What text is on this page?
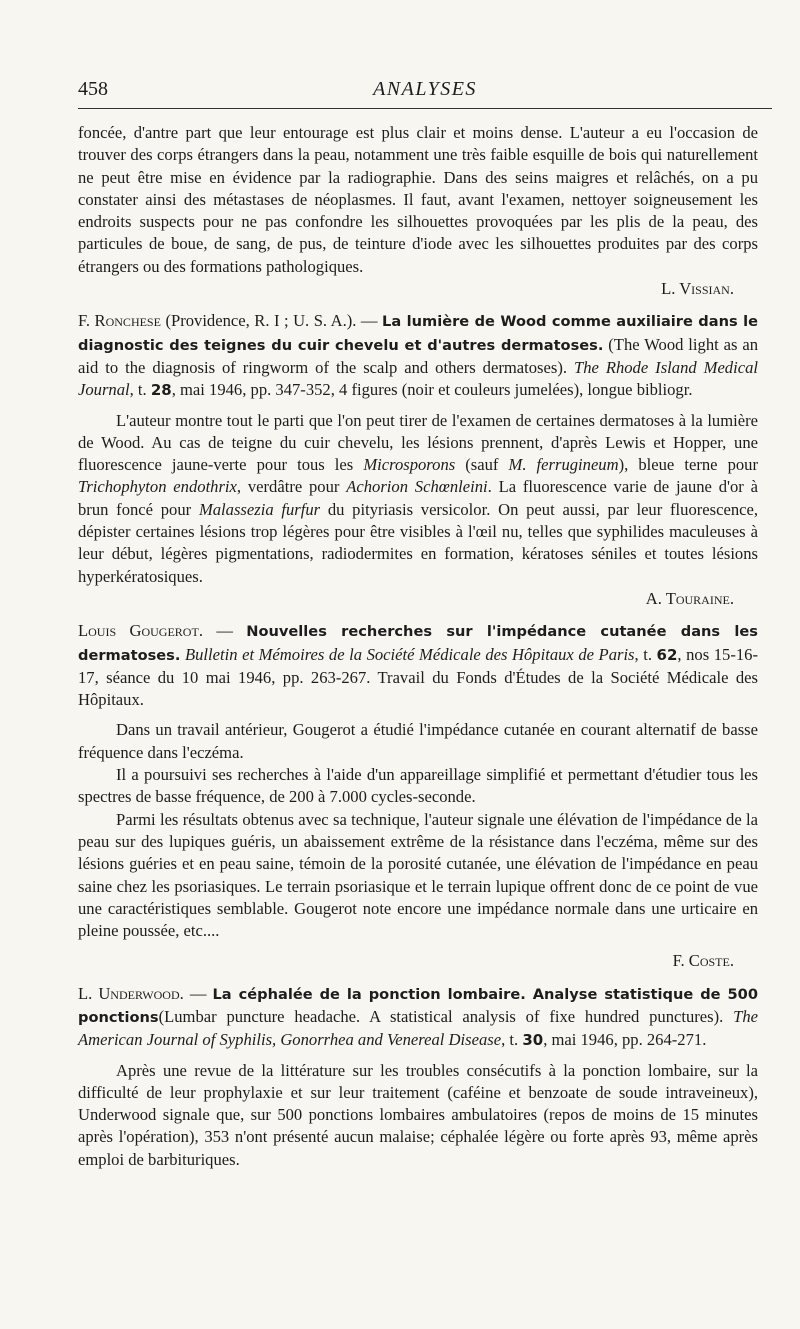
458	ANALYSES

foncée, d'antre part que leur entourage est plus clair et moins dense. L'auteur a eu l'occasion de trouver des corps étrangers dans la peau, notamment une très faible esquille de bois qui naturellement ne peut être mise en évidence par la radiographie. Dans des seins maigres et relâchés, on a pu constater ainsi des métastases de néoplasmes. Il faut, avant l'examen, nettoyer soigneusement les endroits suspects pour ne pas confondre les silhouettes provoquées par les plis de la peau, des particules de boue, de sang, de pus, de teinture d'iode avec les silhouettes produites par des corps étrangers ou des formations pathologiques.

L. Vissian.

F. Ronchese (Providence, R. I ; U. S. A.). — La lumière de Wood comme auxiliaire dans le diagnostic des teignes du cuir chevelu et d'autres dermatoses. (The Wood light as an aid to the diagnosis of ringworm of the scalp and others dermatoses). The Rhode Island Medical Journal, t. 28, mai 1946, pp. 347-352, 4 figures (noir et couleurs jumelées), longue bibliogr.

L'auteur montre tout le parti que l'on peut tirer de l'examen de certaines dermatoses à la lumière de Wood. Au cas de teigne du cuir chevelu, les lésions prennent, d'après Lewis et Hopper, une fluorescence jaune-verte pour tous les Microsporons (sauf M. ferrugineum), bleue terne pour Trichophyton endothrix, verdâtre pour Achorion Schœnleini. La fluorescence varie de jaune d'or à brun foncé pour Malassezia furfur du pityriasis versicolor. On peut aussi, par leur fluorescence, dépister certaines lésions trop légères pour être visibles à l'œil nu, telles que syphilides maculeuses à leur début, légères pigmentations, radiodermites en formation, kératoses séniles et toutes lésions hyperkératosiques.

A. Touraine.

Louis Gougerot. — Nouvelles recherches sur l'impédance cutanée dans les dermatoses. Bulletin et Mémoires de la Société Médicale des Hôpitaux de Paris, t. 62, nos 15-16-17, séance du 10 mai 1946, pp. 263-267. Travail du Fonds d'Études de la Société Médicale des Hôpitaux.

Dans un travail antérieur, Gougerot a étudié l'impédance cutanée en courant alternatif de basse fréquence dans l'eczéma.

Il a poursuivi ses recherches à l'aide d'un appareillage simplifié et permettant d'étudier tous les spectres de basse fréquence, de 200 à 7.000 cycles-seconde.

Parmi les résultats obtenus avec sa technique, l'auteur signale une élévation de l'impédance de la peau sur des lupiques guéris, un abaissement extrême de la résistance dans l'eczéma, même sur des lésions guéries et en peau saine, témoin de la porosité cutanée, une élévation de l'impédance en peau saine chez les psoriasiques. Le terrain psoriasique et le terrain lupique offrent donc de ce point de vue une caractéristiques semblable. Gougerot note encore une impédance normale dans une urticaire en pleine poussée, etc....

F. Coste.

L. Underwood. — La céphalée de la ponction lombaire. Analyse statistique de 500 ponctions(Lumbar puncture headache. A statistical analysis of fixe hundred punctures). The American Journal of Syphilis, Gonorrhea and Venereal Disease, t. 30, mai 1946, pp. 264-271.

Après une revue de la littérature sur les troubles consécutifs à la ponction lombaire, sur la difficulté de leur prophylaxie et sur leur traitement (caféine et benzoate de soude intraveineux), Underwood signale que, sur 500 ponctions lombaires ambulatoires (repos de moins de 15 minutes après l'opération), 353 n'ont présenté aucun malaise; céphalée légère ou forte après 93, même après emploi de barbituriques.
